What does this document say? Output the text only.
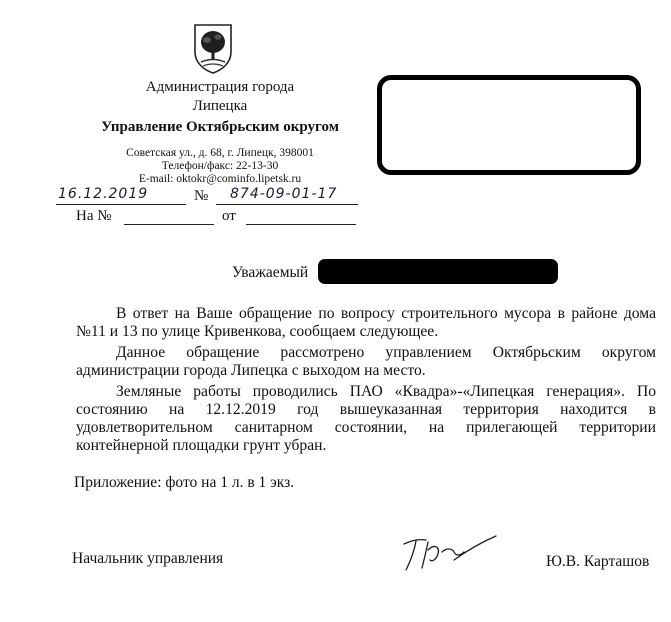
Администрация города
Липецка
Управление Октябрьским округом
Советская ул., д. 68, г. Липецк, 398001
Телефон/факс: 22-13-30
E-mail: oktokr@cominfo.lipetsk.ru
16.12.2019	№ 874-09-01-17
На №	от
Уважаемый
В ответ на Ваше обращение по вопросу строительного мусора в районе дома №11 и 13 по улице Кривенкова, сообщаем следующее.
Данное обращение рассмотрено управлением Октябрьским округом администрации города Липецка с выходом на место.
Земляные работы проводились ПАО «Квадра»-«Липецкая генерация». По состоянию на 12.12.2019 год вышеуказанная территория находится в удовлетворительном санитарном состоянии, на прилегающей территории контейнерной площадки грунт убран.
Приложение: фото на 1 л. в 1 экз.
Начальник управления	Ю.В. Карташов
